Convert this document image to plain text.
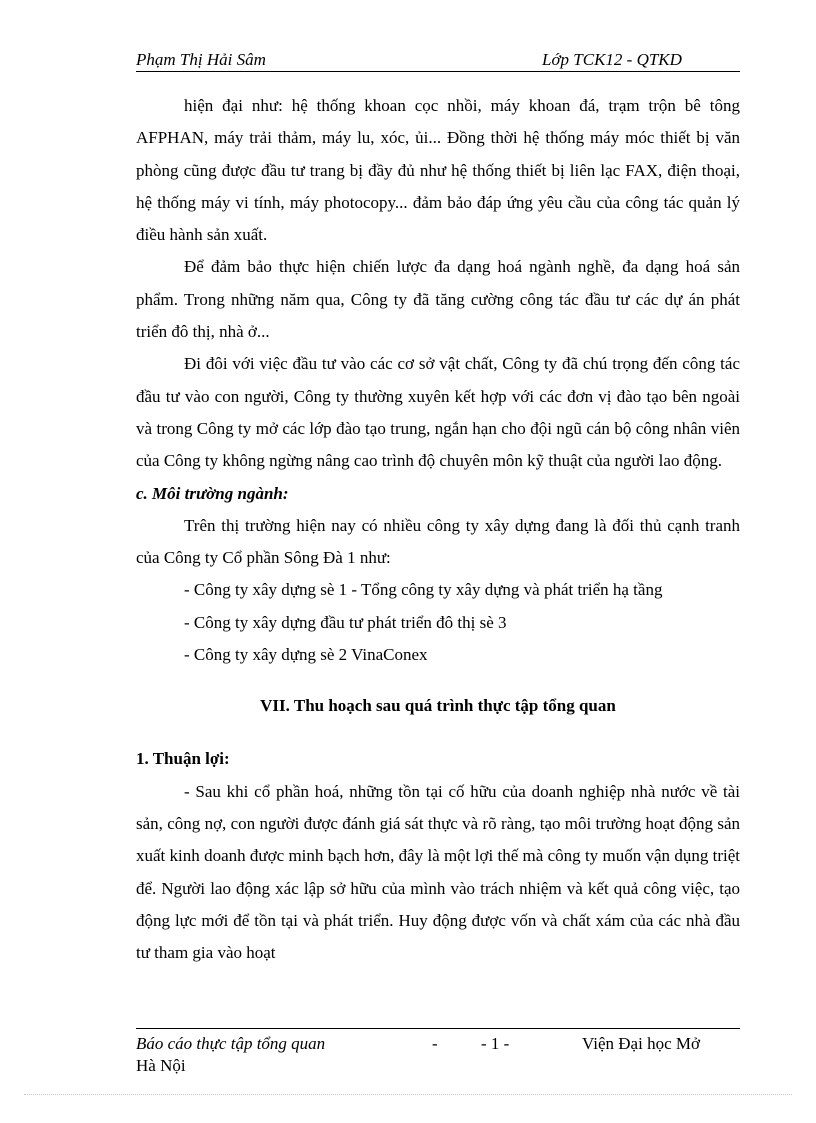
Phạm Thị Hải Sâm	Lớp TCK12 - QTKD

hiện đại như: hệ thống khoan cọc nhồi, máy khoan đá, trạm trộn bê tông AFPHAN, máy trải thảm, máy lu, xóc, ủi... Đồng thời hệ thống máy móc thiết bị văn phòng cũng được đầu tư trang bị đầy đủ như hệ thống thiết bị liên lạc FAX, điện thoại, hệ thống máy vi tính, máy photocopy... đảm bảo đáp ứng yêu cầu của công tác quản lý điều hành sản xuất.

Để đảm bảo thực hiện chiến lược đa dạng hoá ngành nghề, đa dạng hoá sản phẩm. Trong những năm qua, Công ty đã tăng cường công tác đầu tư các dự án phát triển đô thị, nhà ở...

Đi đôi với việc đầu tư vào các cơ sở vật chất, Công ty đã chú trọng đến công tác đầu tư vào con người, Công ty thường xuyên kết hợp với các đơn vị đào tạo bên ngoài và trong Công ty mở các lớp đào tạo trung, ngắn hạn cho đội ngũ cán bộ công nhân viên của Công ty không ngừng nâng cao trình độ chuyên môn kỹ thuật của người lao động.

c. Môi trường ngành:

Trên thị trường hiện nay có nhiều công ty xây dựng đang là đối thủ cạnh tranh của Công ty Cổ phần Sông Đà 1 như:

- Công ty xây dựng sè 1 - Tổng công ty xây dựng và phát triển hạ tầng

- Công ty xây dựng đầu tư phát triển đô thị sè 3

- Công ty xây dựng sè 2 VinaConex

VII. Thu hoạch sau quá trình thực tập tổng quan

1. Thuận lợi:

- Sau khi cổ phần hoá, những tồn tại cố hữu của doanh nghiệp nhà nước về tài sản, công nợ, con người được đánh giá sát thực và rõ ràng, tạo môi trường hoạt động sản xuất kinh doanh được minh bạch hơn, đây là một lợi thế mà công ty muốn vận dụng triệt để. Người lao động xác lập sở hữu của mình vào trách nhiệm và kết quả công việc, tạo động lực mới để tồn tại và phát triển. Huy động được vốn và chất xám của các nhà đầu tư tham gia vào hoạt

Báo cáo thực tập tổng quan	-	- 1 -	Viện Đại học Mở
Hà Nội
